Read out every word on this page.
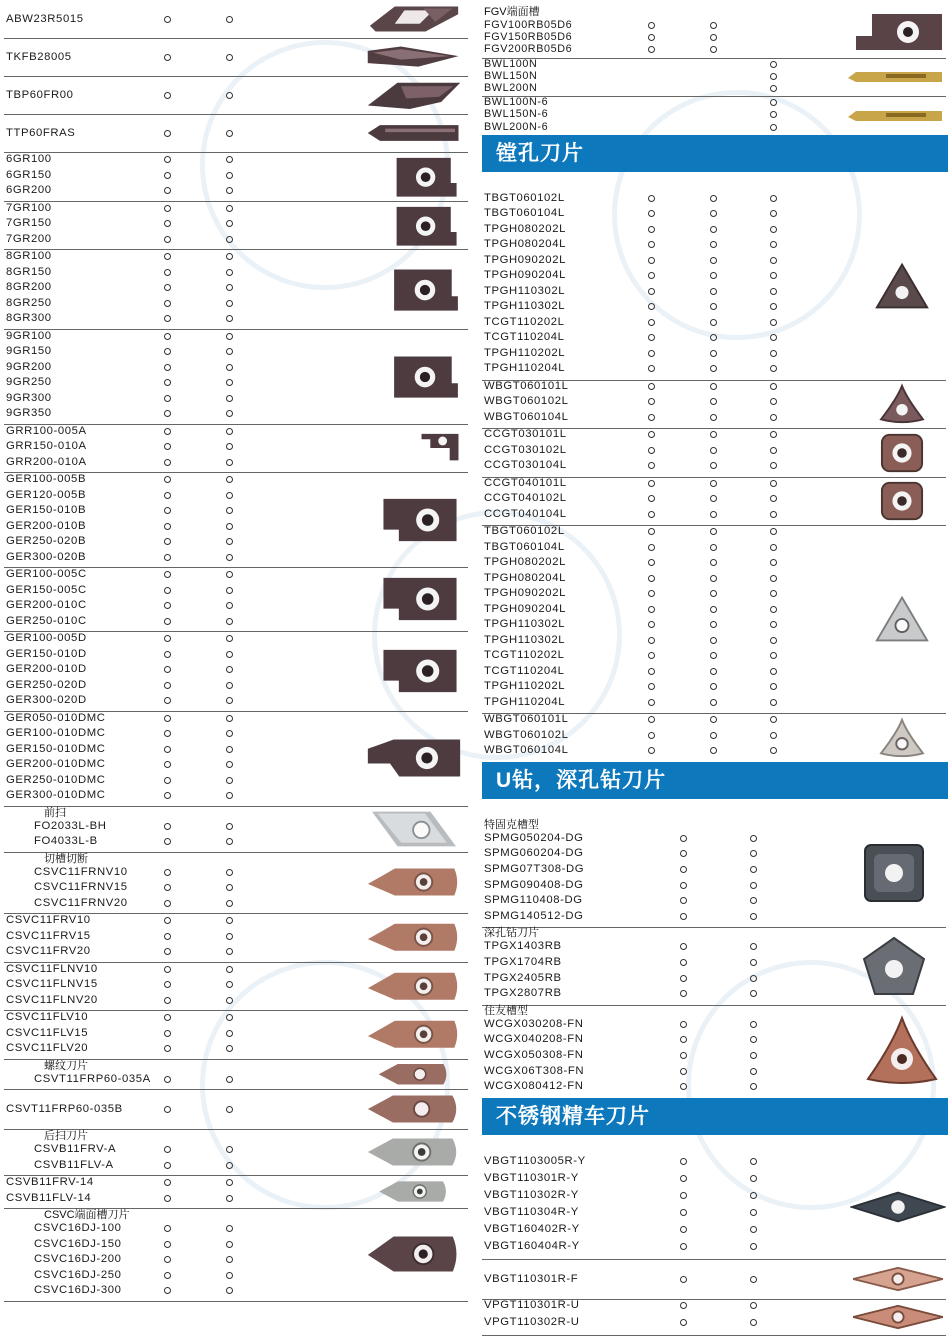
ABW23R5015
TKFB28005
TBP60FR00
TTP60FRAS
6GR100
6GR150
6GR200
7GR100
7GR150
7GR200
8GR100
8GR150
8GR200
8GR250
8GR300
9GR100
9GR150
9GR200
9GR250
9GR300
9GR350
GRR100-005A
GRR150-010A
GRR200-010A
GER100-005B
GER120-005B
GER150-010B
GER200-010B
GER250-020B
GER300-020B
GER100-005C
GER150-005C
GER200-010C
GER250-010C
GER100-005D
GER150-010D
GER200-010D
GER250-020D
GER300-020D
GER050-010DMC
GER100-010DMC
GER150-010DMC
GER200-010DMC
GER250-010DMC
GER300-010DMC
前扫
FO2033L-BH
FO4033L-B
切槽切断
CSVC11FRNV10
CSVC11FRNV15
CSVC11FRNV20
CSVC11FRV10
CSVC11FRV15
CSVC11FRV20
CSVC11FLNV10
CSVC11FLNV15
CSVC11FLNV20
CSVC11FLV10
CSVC11FLV15
CSVC11FLV20
螺纹刀片
CSVT11FRP60-035A
CSVT11FRP60-035B
后扫刀片
CSVB11FRV-A
CSVB11FLV-A
CSVB11FRV-14
CSVB11FLV-14
CSVC端面槽刀片
CSVC16DJ-100
CSVC16DJ-150
CSVC16DJ-200
CSVC16DJ-250
CSVC16DJ-300
FGV端面槽
FGV100RB05D6
FGV150RB05D6
FGV200RB05D6
BWL100N
BWL150N
BWL200N
BWL100N-6
BWL150N-6
BWL200N-6
镗孔刀片
TBGT060102L
TBGT060104L
TPGH080202L
TPGH080204L
TPGH090202L
TPGH090204L
TPGH110302L
TPGH110302L
TCGT110202L
TCGT110204L
TPGH110202L
TPGH110204L
WBGT060101L
WBGT060102L
WBGT060104L
CCGT030101L
CCGT030102L
CCGT030104L
CCGT040101L
CCGT040102L
CCGT040104L
TBGT060102L
TBGT060104L
TPGH080202L
TPGH080204L
TPGH090202L
TPGH090204L
TPGH110302L
TPGH110302L
TCGT110202L
TCGT110204L
TPGH110202L
TPGH110204L
WBGT060101L
WBGT060102L
WBGT060104L
U钻，深孔钻刀片
特固克槽型
SPMG050204-DG
SPMG060204-DG
SPMG07T308-DG
SPMG090408-DG
SPMG110408-DG
SPMG140512-DG
深孔钻刀片
TPGX1403RB
TPGX1704RB
TPGX2405RB
TPGX2807RB
住友槽型
WCGX030208-FN
WCGX040208-FN
WCGX050308-FN
WCGX06T308-FN
WCGX080412-FN
不锈钢精车刀片
VBGT1103005R-Y
VBGT110301R-Y
VBGT110302R-Y
VBGT110304R-Y
VBGT160402R-Y
VBGT160404R-Y
VBGT110301R-F
VPGT110301R-U
VPGT110302R-U
